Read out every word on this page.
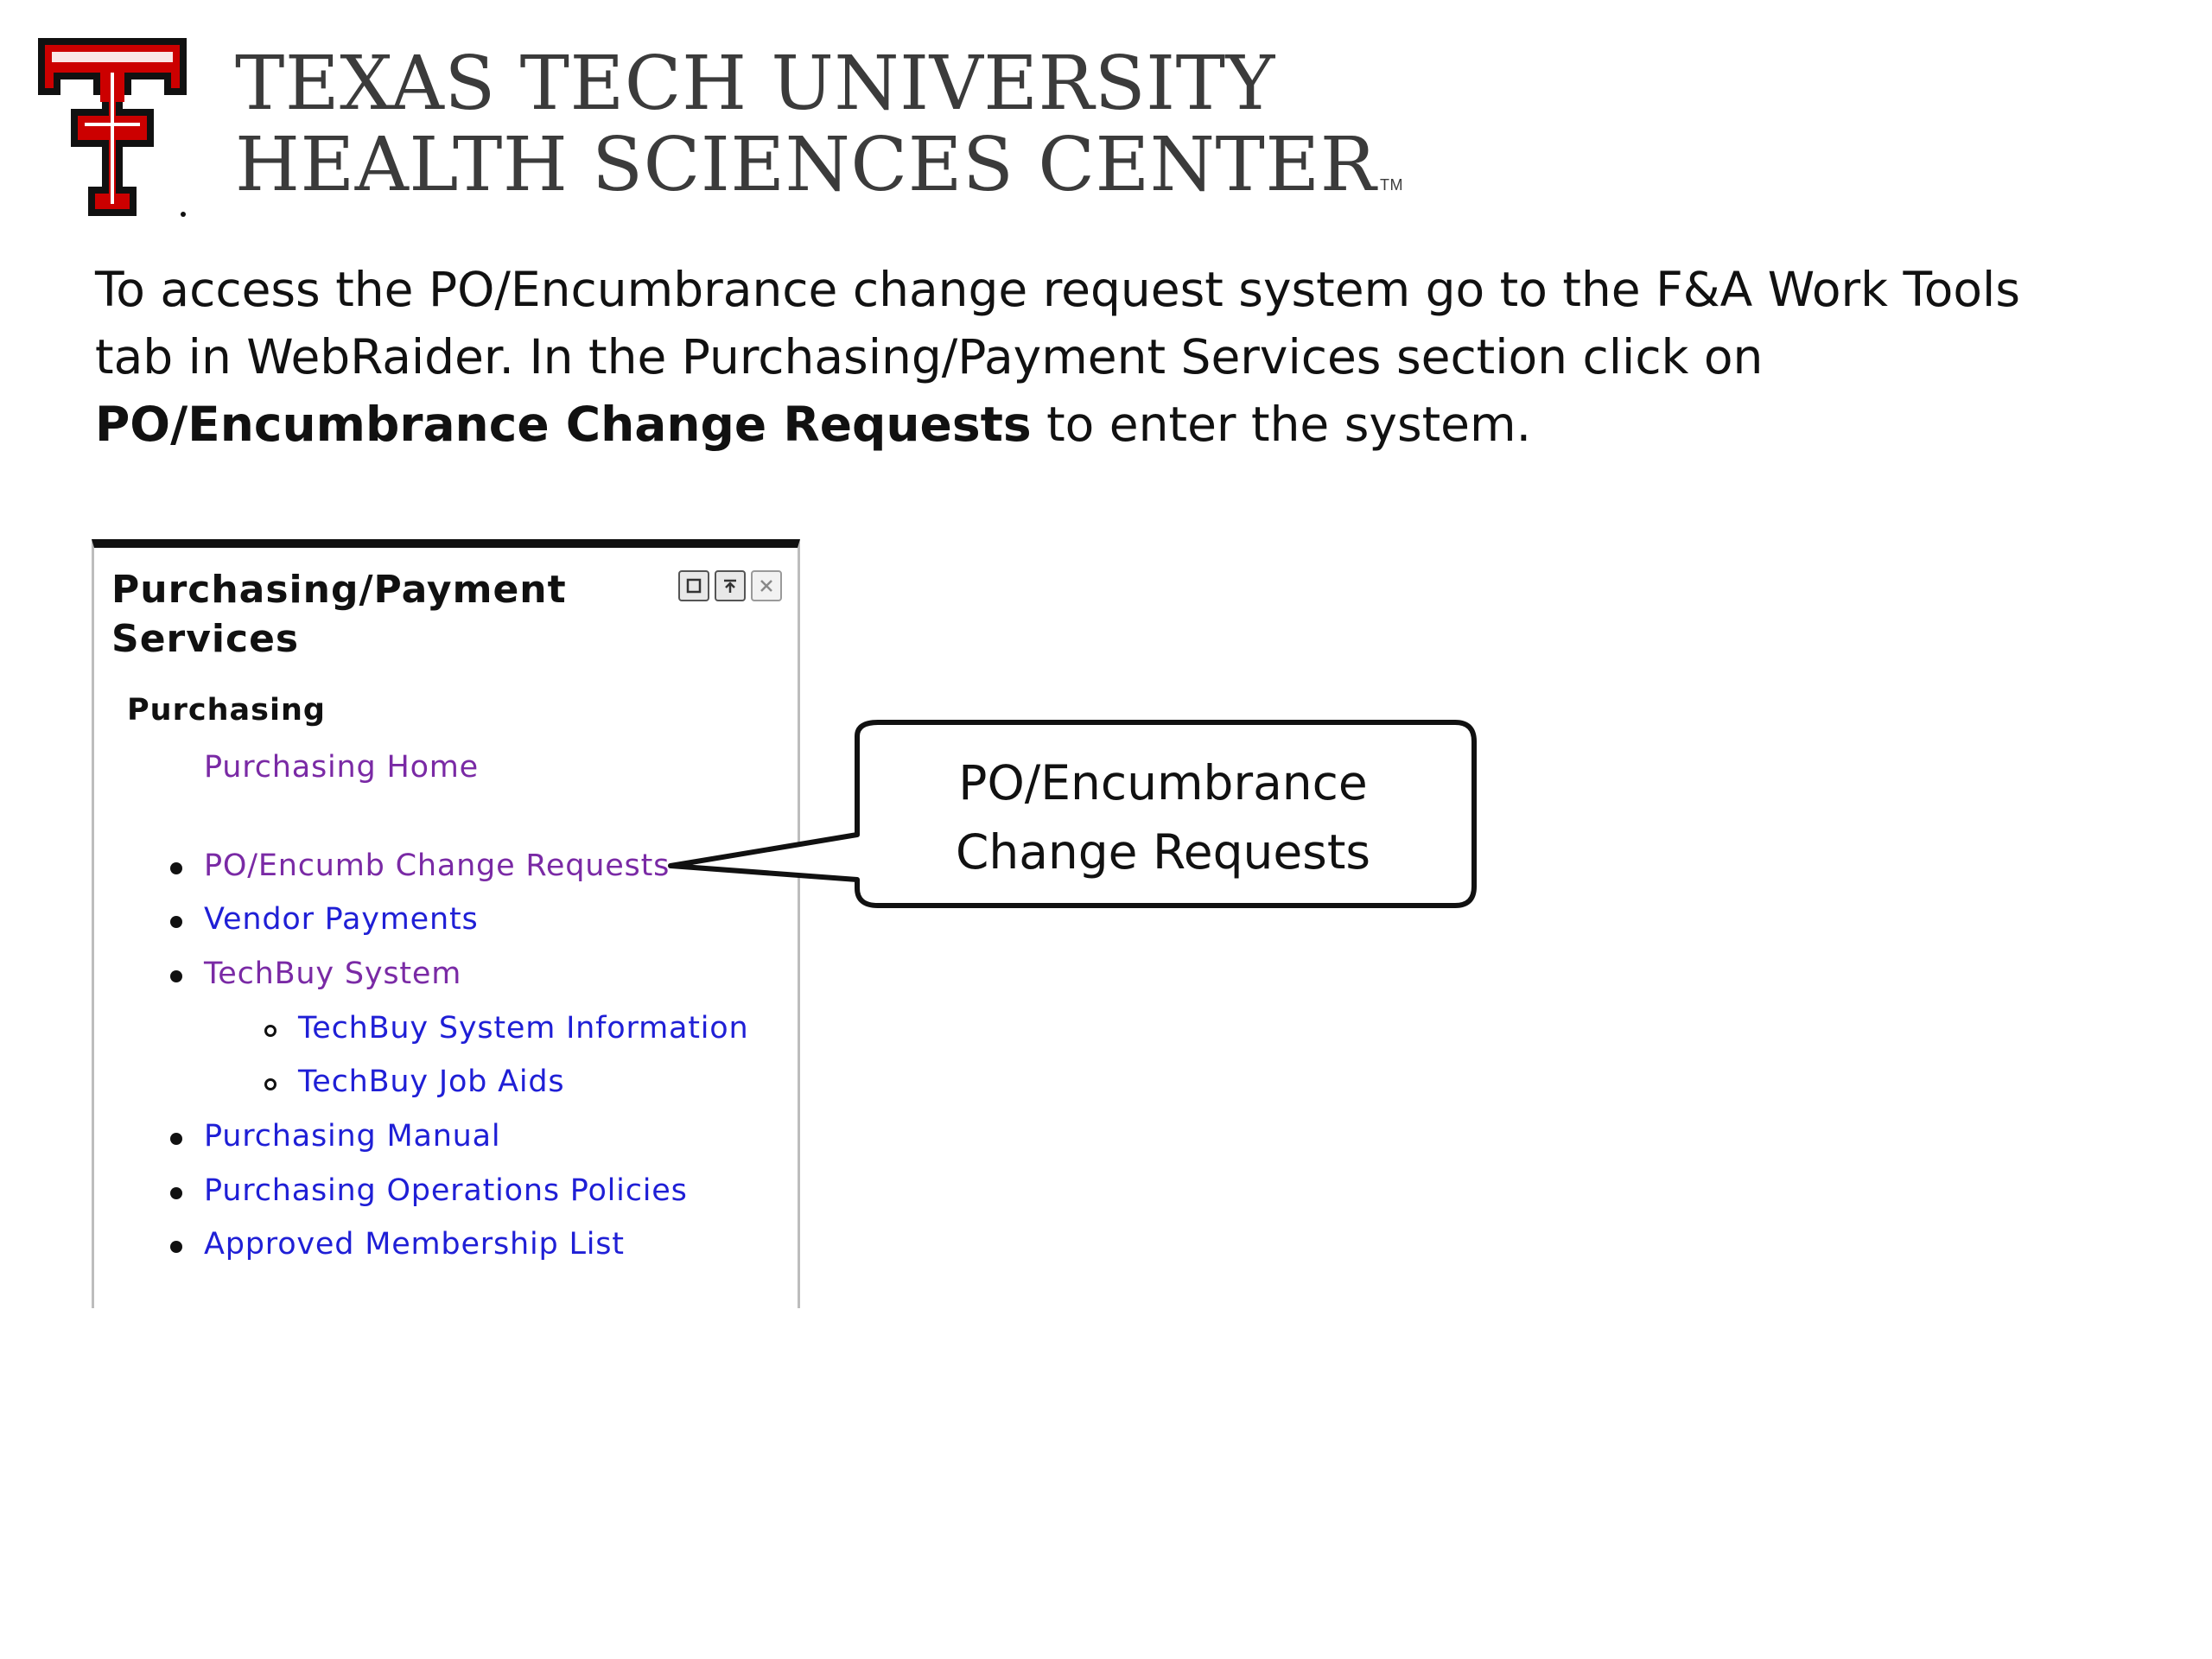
TEXAS TECH UNIVERSITY
HEALTH SCIENCES CENTER TM
To access the PO/Encumbrance change request system go to the F&A Work Tools tab in WebRaider. In the Purchasing/Payment Services section click on PO/Encumbrance Change Requests to enter the system.
Purchasing/Payment
Services
Purchasing
Purchasing Home
PO/Encumb Change Requests
Vendor Payments
TechBuy System
TechBuy System Information
TechBuy Job Aids
Purchasing Manual
Purchasing Operations Policies
Approved Membership List
PO/Encumbrance
Change Requests
